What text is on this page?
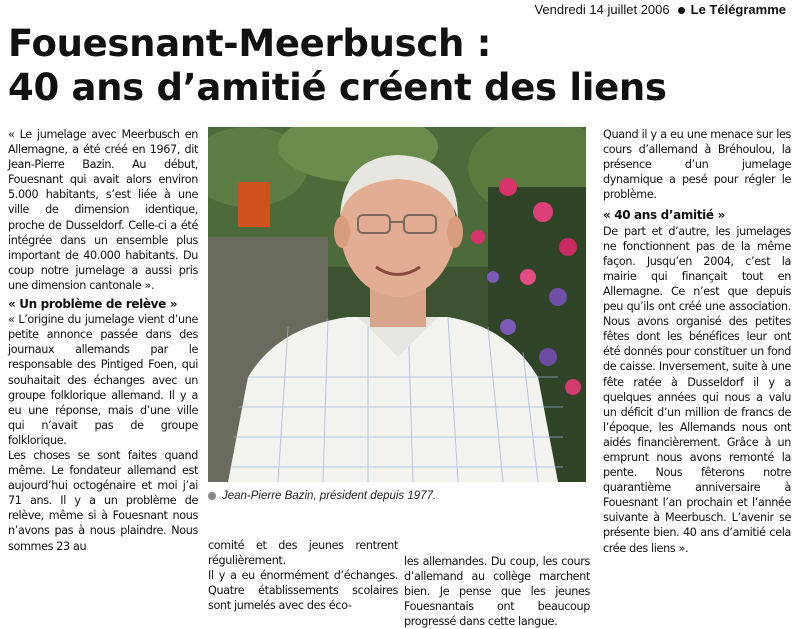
Vendredi 14 juillet 2006 Le Télégramme
Fouesnant-Meerbusch :
40 ans d’amitié créent des liens

« Le jumelage avec Meerbusch en Allemagne, a été créé en 1967, dit Jean-Pierre Bazin. Au début, Fouesnant qui avait alors environ 5.000 habitants, s’est liée à une ville de dimension identique, proche de Dusseldorf. Celle-ci a été intégrée dans un ensemble plus important de 40.000 habitants. Du coup notre jumelage a aussi pris une dimension cantonale ».

« Un problème de relève »

« L’origine du jumelage vient d’une petite annonce passée dans des journaux allemands par le responsable des Pintiged Foen, qui souhaitait des échanges avec un groupe folklorique allemand. Il y a eu une réponse, mais d’une ville qui n’avait pas de groupe folklorique.

Les choses se sont faites quand même. Le fondateur allemand est aujourd’hui octogénaire et moi j’ai 71 ans. Il y a un problème de relève, même si à Fouesnant nous n’avons pas à nous plaindre. Nous sommes 23 au

Jean-Pierre Bazin, président depuis 1977.

comité et des jeunes rentrent régulièrement.

Il y a eu énormément d’échanges. Quatre établissements scolaires sont jumelés avec des éco-

les allemandes. Du coup, les cours d’allemand au collège marchent bien. Je pense que les jeunes Fouesnantais ont beaucoup progressé dans cette langue.

Quand il y a eu une menace sur les cours d’allemand à Bréhoulou, la présence d’un jumelage dynamique a pesé pour régler le problème.

« 40 ans d’amitié »

De part et d’autre, les jumelages ne fonctionnent pas de la même façon. Jusqu’en 2004, c’est la mairie qui finançait tout en Allemagne. Ce n’est que depuis peu qu’ils ont créé une association. Nous avons organisé des petites fêtes dont les bénéfices leur ont été donnés pour constituer un fond de caisse. Inversement, suite à une fête ratée à Dusseldorf il y a quelques années qui nous a valu un déficit d’un million de francs de l’époque, les Allemands nous ont aidés financièrement. Grâce à un emprunt nous avons remonté la pente. Nous fêterons notre quarantième anniversaire à Fouesnant l’an prochain et l’année suivante à Meerbusch. L’avenir se présente bien. 40 ans d’amitié cela crée des liens ».
